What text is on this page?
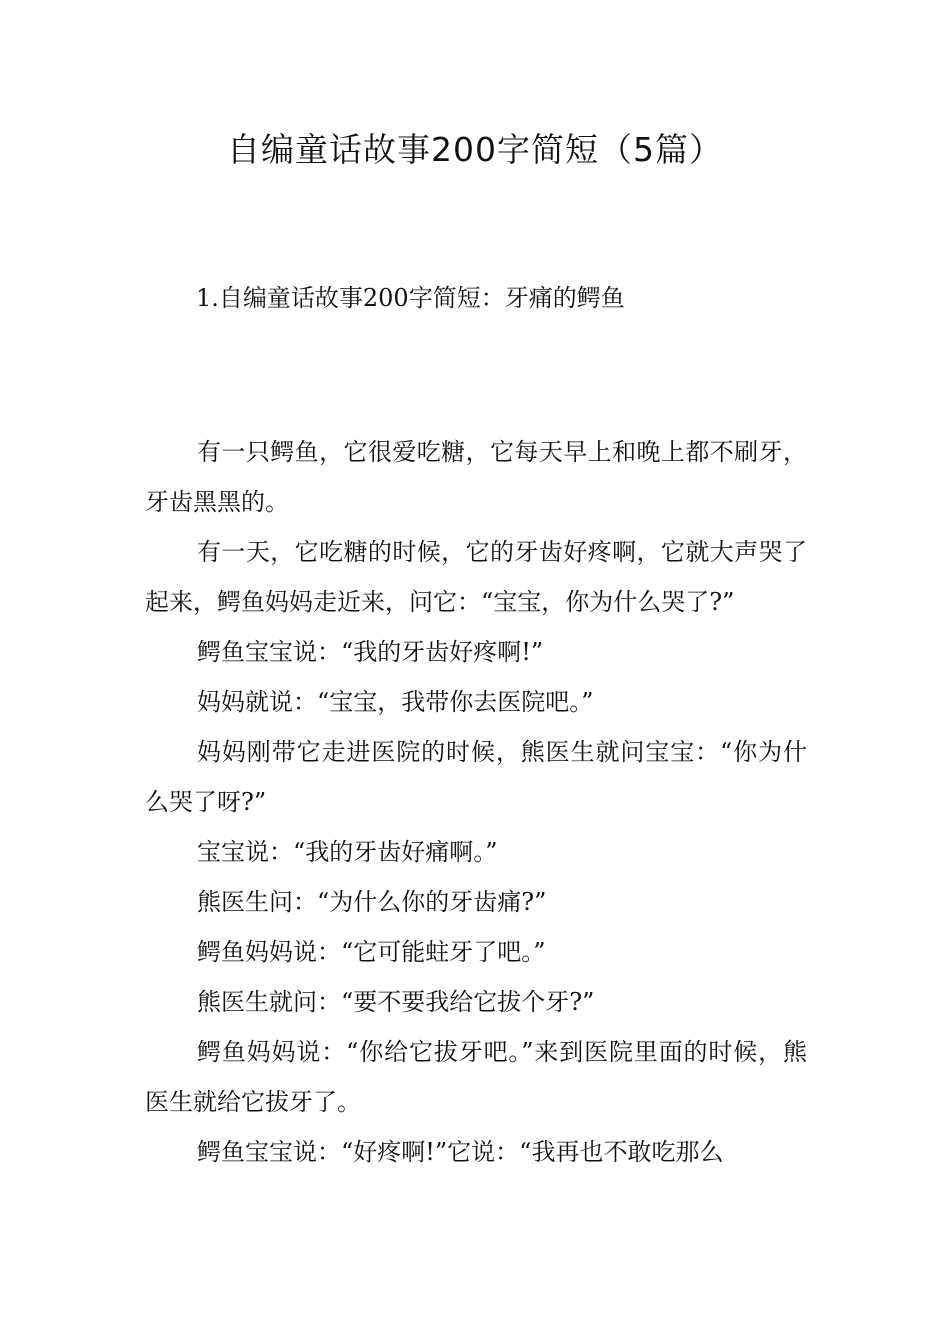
自编童话故事200字简短（5篇）
1.自编童话故事200字简短：牙痛的鳄鱼

有一只鳄鱼，它很爱吃糖，它每天早上和晚上都不刷牙，牙齿黑黑的。

有一天，它吃糖的时候，它的牙齿好疼啊，它就大声哭了起来，鳄鱼妈妈走近来，问它：“宝宝，你为什么哭了?”

鳄鱼宝宝说：“我的牙齿好疼啊!”

妈妈就说：“宝宝，我带你去医院吧。”

妈妈刚带它走进医院的时候，熊医生就问宝宝：“你为什么哭了呀?”

宝宝说：“我的牙齿好痛啊。”

熊医生问：“为什么你的牙齿痛?”

鳄鱼妈妈说：“它可能蛀牙了吧。”

熊医生就问：“要不要我给它拔个牙?”

鳄鱼妈妈说：“你给它拔牙吧。”来到医院里面的时候，熊医生就给它拔牙了。

鳄鱼宝宝说：“好疼啊!”它说：“我再也不敢吃那么
